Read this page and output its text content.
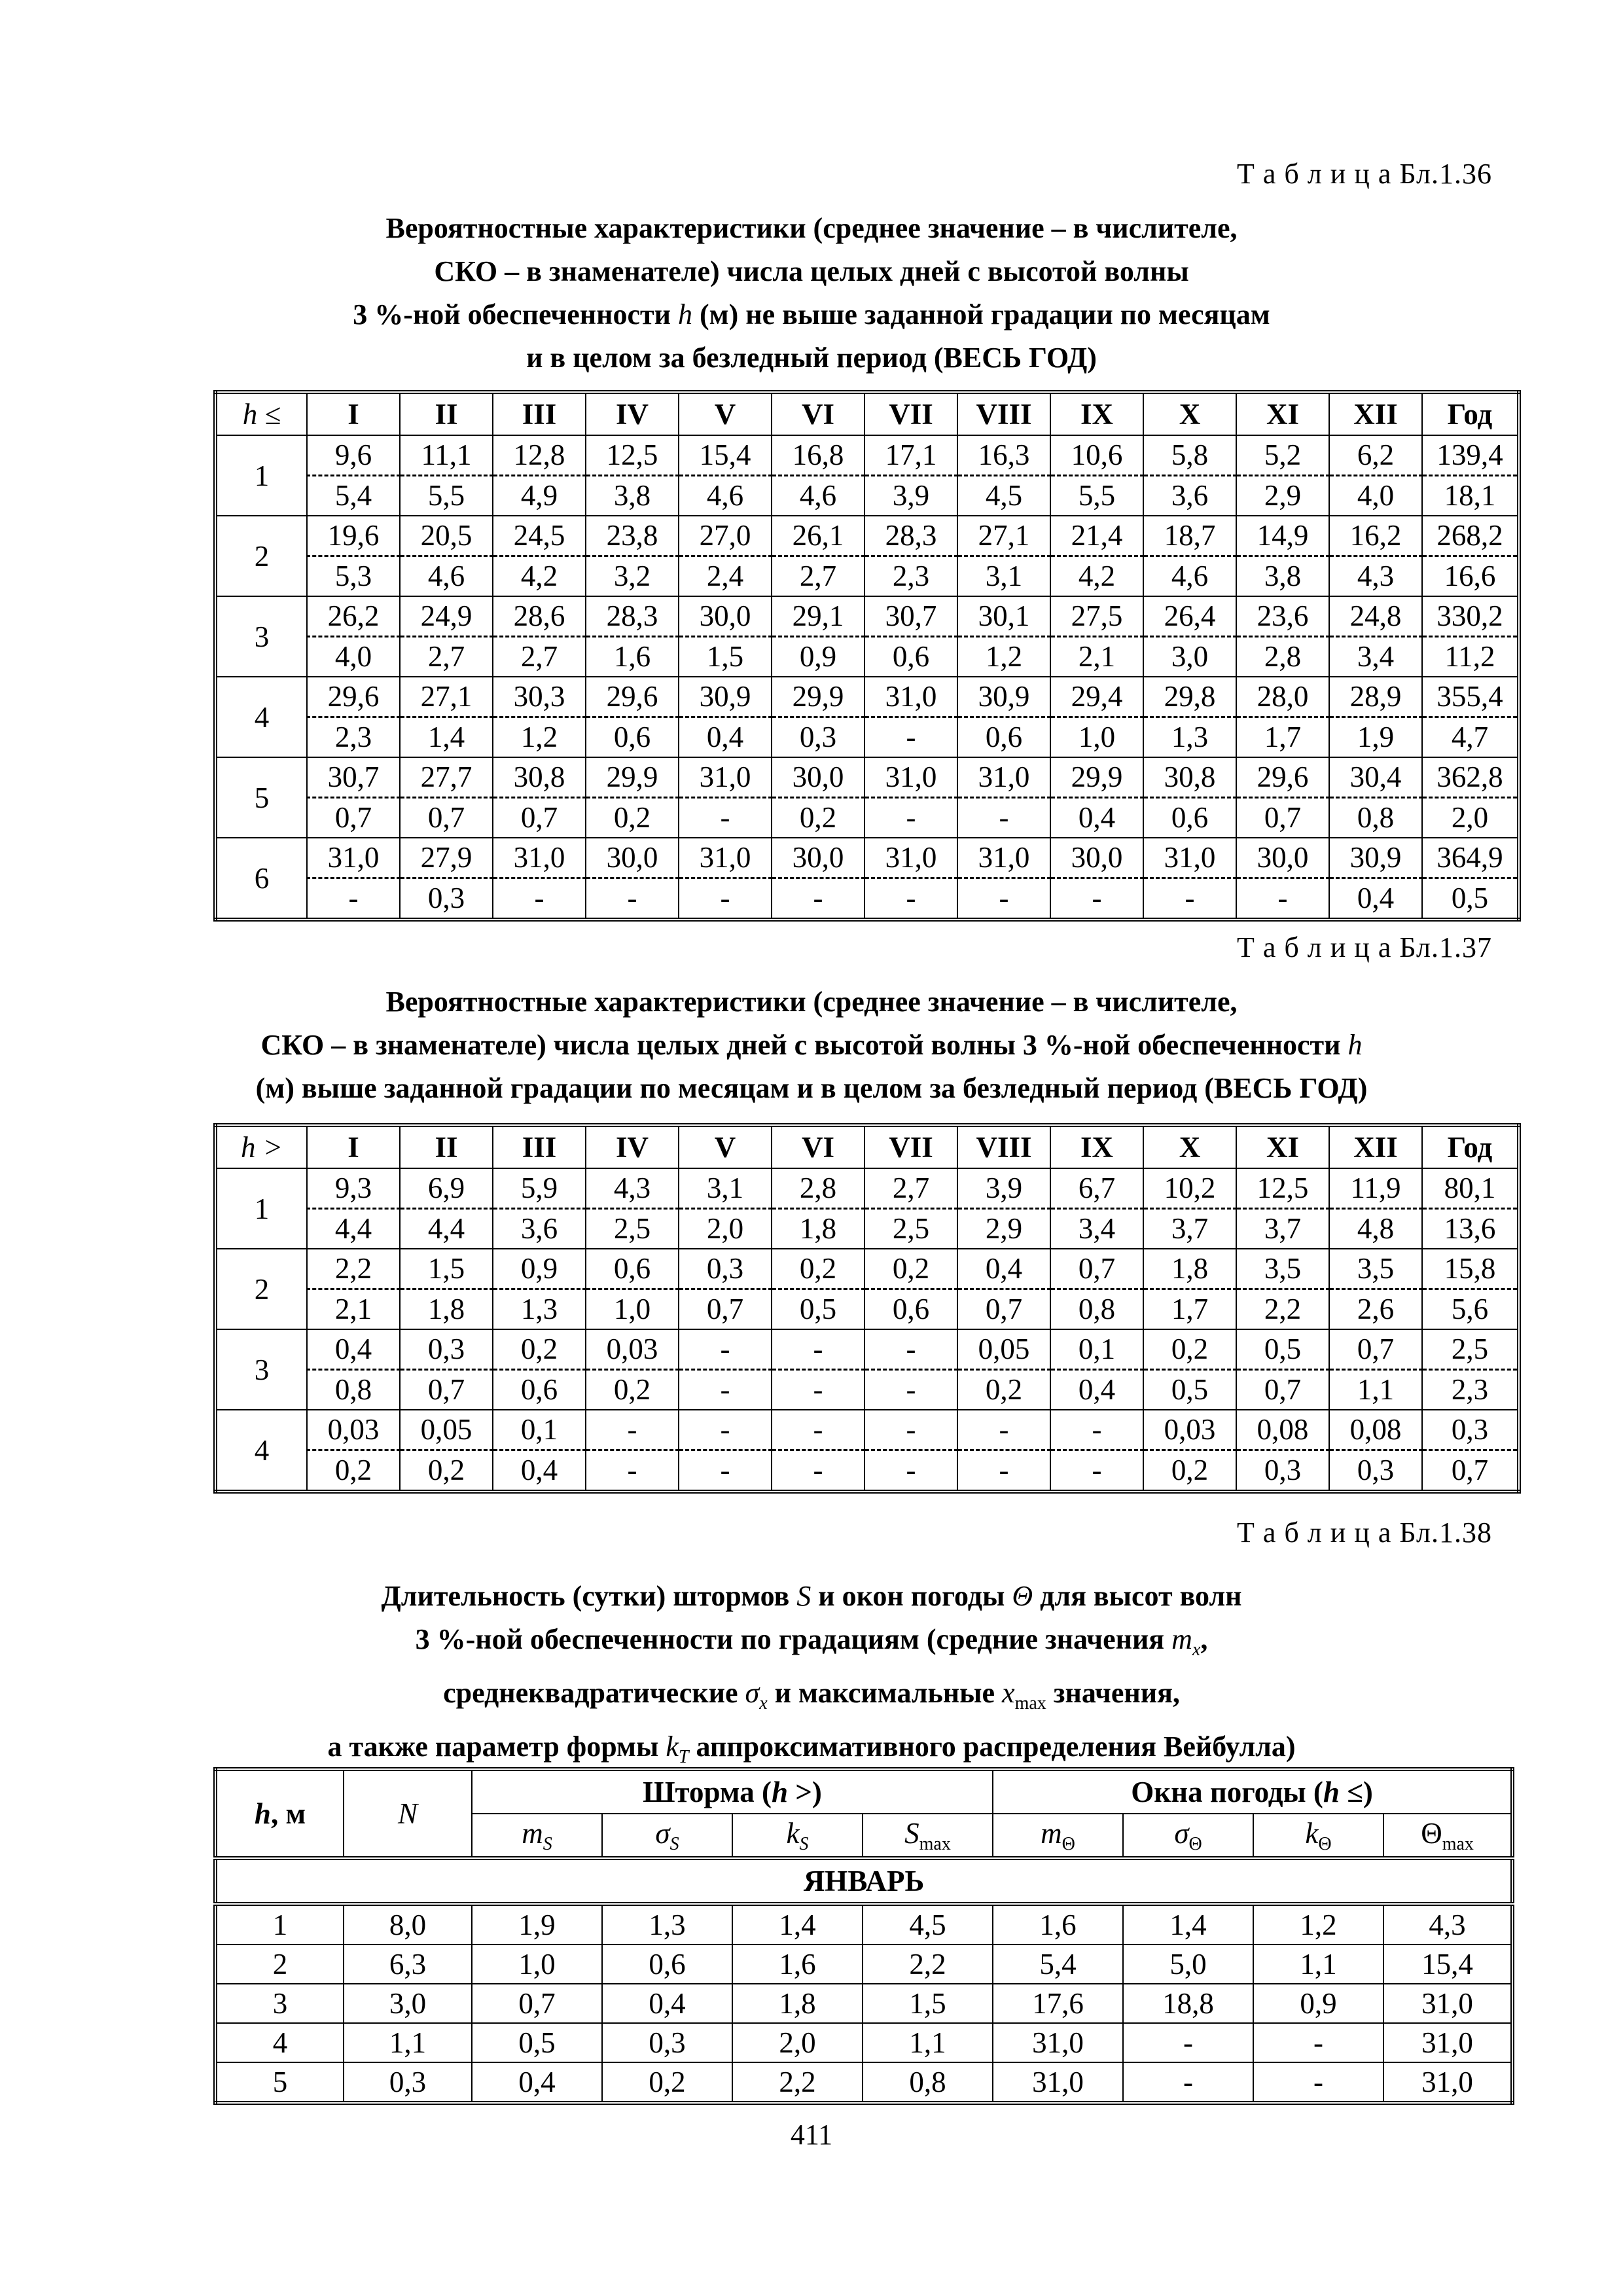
Т а б л и ц а Бл.1.36
Вероятностные характеристики (среднее значение – в числителе,
СКО – в знаменателе) числа целых дней с высотой волны
3 %-ной обеспеченности h (м) не выше заданной градации по месяцам
и в целом за безледный период (ВЕСЬ ГОД)
h ≤	I	II	III	IV	V	VI	VII	VIII	IX	X	XI	XII	Год
1	9,6	11,1	12,8	12,5	15,4	16,8	17,1	16,3	10,6	5,8	5,2	6,2	139,4
	5,4	5,5	4,9	3,8	4,6	4,6	3,9	4,5	5,5	3,6	2,9	4,0	18,1
2	19,6	20,5	24,5	23,8	27,0	26,1	28,3	27,1	21,4	18,7	14,9	16,2	268,2
	5,3	4,6	4,2	3,2	2,4	2,7	2,3	3,1	4,2	4,6	3,8	4,3	16,6
3	26,2	24,9	28,6	28,3	30,0	29,1	30,7	30,1	27,5	26,4	23,6	24,8	330,2
	4,0	2,7	2,7	1,6	1,5	0,9	0,6	1,2	2,1	3,0	2,8	3,4	11,2
4	29,6	27,1	30,3	29,6	30,9	29,9	31,0	30,9	29,4	29,8	28,0	28,9	355,4
	2,3	1,4	1,2	0,6	0,4	0,3	-	0,6	1,0	1,3	1,7	1,9	4,7
5	30,7	27,7	30,8	29,9	31,0	30,0	31,0	31,0	29,9	30,8	29,6	30,4	362,8
	0,7	0,7	0,7	0,2	-	0,2	-	-	0,4	0,6	0,7	0,8	2,0
6	31,0	27,9	31,0	30,0	31,0	30,0	31,0	31,0	30,0	31,0	30,0	30,9	364,9
	-	0,3	-	-	-	-	-	-	-	-	-	0,4	0,5
Т а б л и ц а Бл.1.37
Вероятностные характеристики (среднее значение – в числителе,
СКО – в знаменателе) числа целых дней с высотой волны 3 %-ной обеспеченности h
(м) выше заданной градации по месяцам и в целом за безледный период (ВЕСЬ ГОД)
h >	I	II	III	IV	V	VI	VII	VIII	IX	X	XI	XII	Год
1	9,3	6,9	5,9	4,3	3,1	2,8	2,7	3,9	6,7	10,2	12,5	11,9	80,1
	4,4	4,4	3,6	2,5	2,0	1,8	2,5	2,9	3,4	3,7	3,7	4,8	13,6
2	2,2	1,5	0,9	0,6	0,3	0,2	0,2	0,4	0,7	1,8	3,5	3,5	15,8
	2,1	1,8	1,3	1,0	0,7	0,5	0,6	0,7	0,8	1,7	2,2	2,6	5,6
3	0,4	0,3	0,2	0,03	-	-	-	0,05	0,1	0,2	0,5	0,7	2,5
	0,8	0,7	0,6	0,2	-	-	-	0,2	0,4	0,5	0,7	1,1	2,3
4	0,03	0,05	0,1	-	-	-	-	-	-	0,03	0,08	0,08	0,3
	0,2	0,2	0,4	-	-	-	-	-	-	0,2	0,3	0,3	0,7
Т а б л и ц а Бл.1.38
Длительность (сутки) штормов S и окон погоды Θ для высот волн
3 %-ной обеспеченности по градациям (средние значения $m_x$,
среднеквадратические $\sigma_x$ и максимальные $x_{max}$ значения,
а также параметр формы $k_T$ аппроксимативного распределения Вейбулла)
h, м	N	Шторма (h >)				Окна погоды (h ≤)			
		$m_S$	$\sigma_S$	$k_S$	$S_{max}$	$m_\Theta$	$\sigma_\Theta$	$k_\Theta$	$\Theta_{max}$
ЯНВАРЬ									
1	8,0	1,9	1,3	1,4	4,5	1,6	1,4	1,2	4,3
2	6,3	1,0	0,6	1,6	2,2	5,4	5,0	1,1	15,4
3	3,0	0,7	0,4	1,8	1,5	17,6	18,8	0,9	31,0
4	1,1	0,5	0,3	2,0	1,1	31,0	-	-	31,0
5	0,3	0,4	0,2	2,2	0,8	31,0	-	-	31,0
411
